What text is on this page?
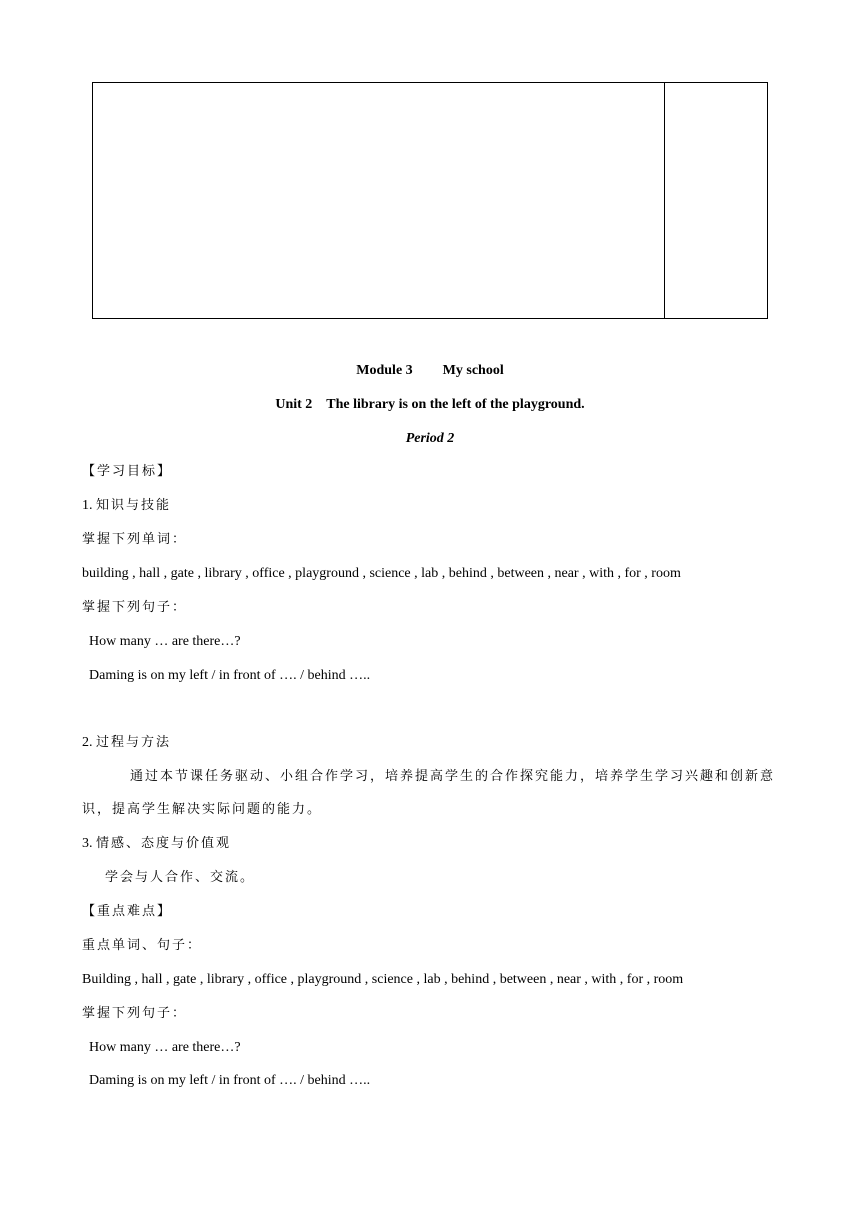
Module 3 My school
Unit 2 The library is on the left of the playground.
Period 2
【学习目标】
1. 知识与技能
掌握下列单词：
building , hall , gate , library , office , playground , science , lab , behind , between , near , with , for , room
掌握下列句子：
How many … are there…?
Daming is on my left / in front of …. / behind …..
2. 过程与方法
通过本节课任务驱动、小组合作学习，培养提高学生的合作探究能力，培养学生学习兴趣和创新意
识，提高学生解决实际问题的能力。
3. 情感、态度与价值观
学会与人合作、交流。
【重点难点】
重点单词、句子：
Building , hall , gate , library , office , playground , science , lab , behind , between , near , with , for , room
掌握下列句子：
How many … are there…?
Daming is on my left / in front of …. / behind …..
